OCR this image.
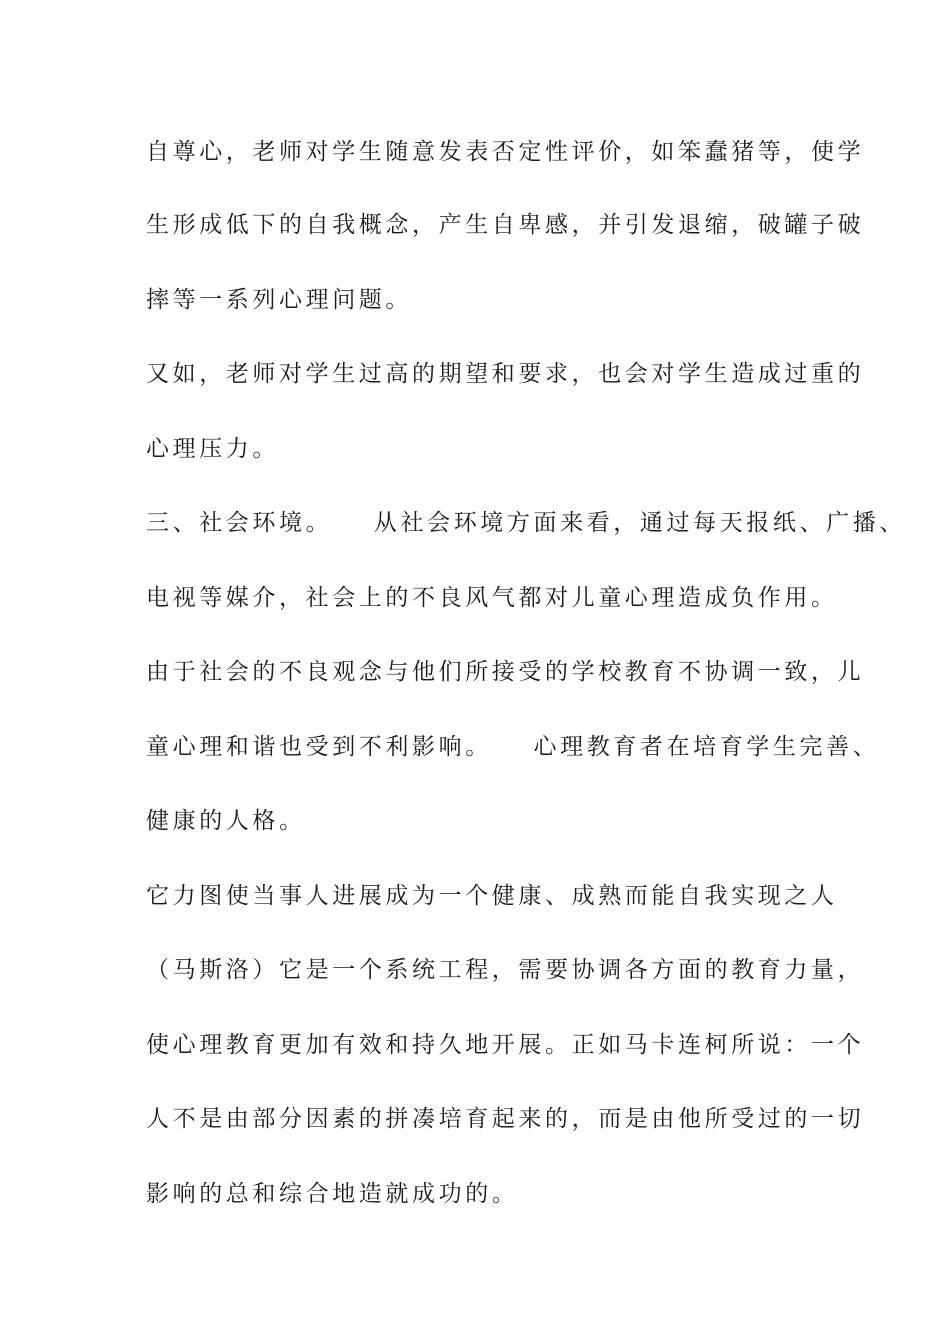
自尊心，老师对学生随意发表否定性评价，如笨蠢猪等，使学
生形成低下的自我概念，产生自卑感，并引发退缩，破罐子破
摔等一系列心理问题。
又如，老师对学生过高的期望和要求，也会对学生造成过重的
心理压力。
三、社会环境。　　从社会环境方面来看，通过每天报纸、广播、
电视等媒介，社会上的不良风气都对儿童心理造成负作用。
由于社会的不良观念与他们所接受的学校教育不协调一致，儿
童心理和谐也受到不利影响。　　心理教育者在培育学生完善、
健康的人格。
它力图使当事人进展成为一个健康、成熟而能自我实现之人
（马斯洛）它是一个系统工程，需要协调各方面的教育力量，
使心理教育更加有效和持久地开展。正如马卡连柯所说：一个
人不是由部分因素的拼凑培育起来的，而是由他所受过的一切
影响的总和综合地造就成功的。
